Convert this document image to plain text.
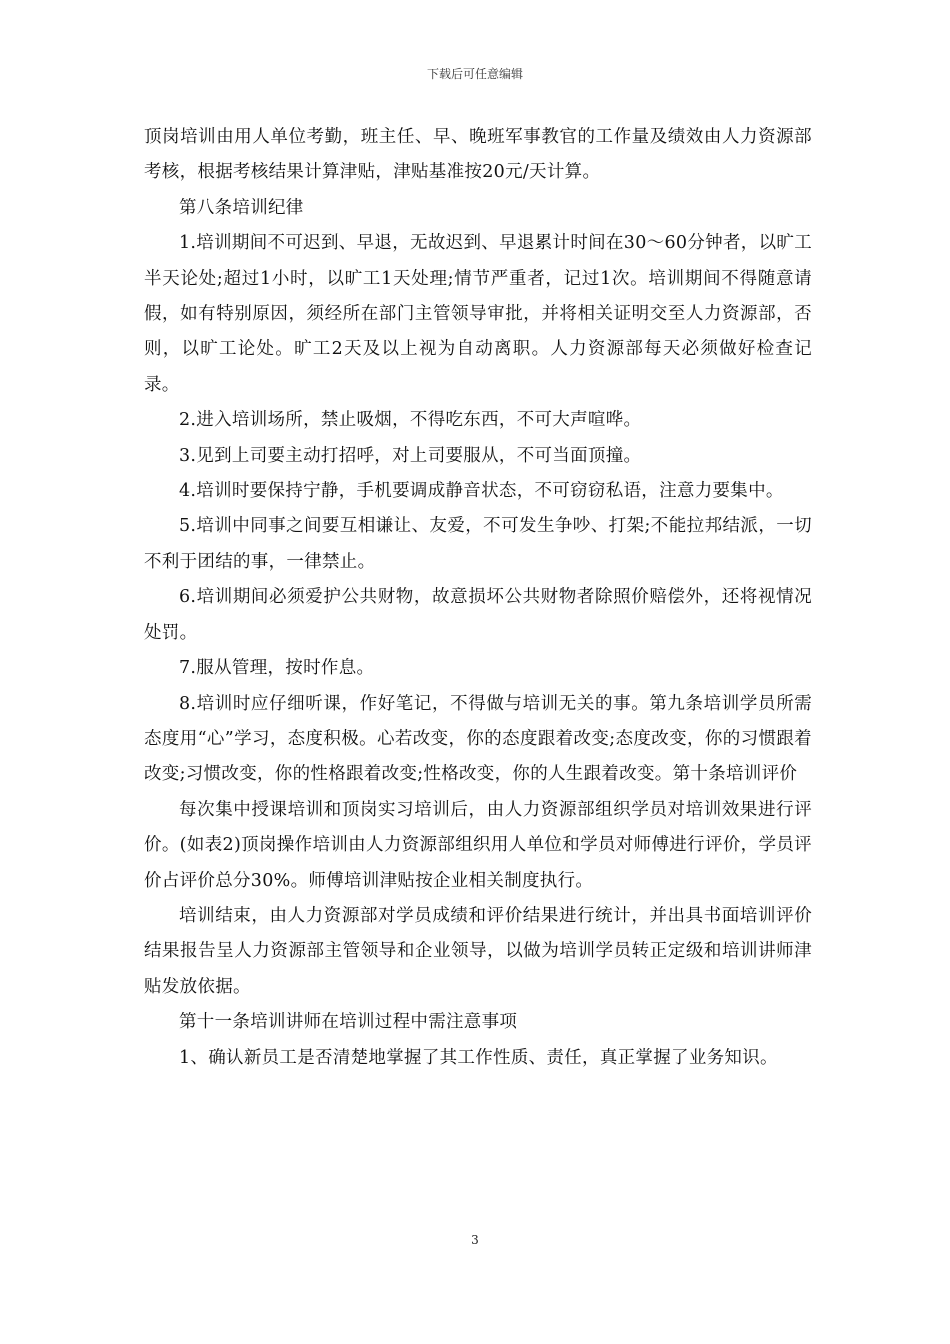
下载后可任意编辑

顶岗培训由用人单位考勤，班主任、早、晚班军事教官的工作量及绩效由人力资源部考核，根据考核结果计算津贴，津贴基准按20元/天计算。

第八条培训纪律

1.培训期间不可迟到、早退，无故迟到、早退累计时间在30～60分钟者，以旷工半天论处;超过1小时，以旷工1天处理;情节严重者，记过1次。培训期间不得随意请假，如有特别原因，须经所在部门主管领导审批，并将相关证明交至人力资源部，否则，以旷工论处。旷工2天及以上视为自动离职。人力资源部每天必须做好检查记录。

2.进入培训场所，禁止吸烟，不得吃东西，不可大声喧哗。

3.见到上司要主动打招呼，对上司要服从，不可当面顶撞。

4.培训时要保持宁静，手机要调成静音状态，不可窃窃私语，注意力要集中。

5.培训中同事之间要互相谦让、友爱，不可发生争吵、打架;不能拉邦结派，一切不利于团结的事，一律禁止。

6.培训期间必须爱护公共财物，故意损坏公共财物者除照价赔偿外，还将视情况处罚。

7.服从管理，按时作息。

8.培训时应仔细听课，作好笔记，不得做与培训无关的事。第九条培训学员所需态度用“心”学习，态度积极。心若改变，你的态度跟着改变;态度改变，你的习惯跟着改变;习惯改变，你的性格跟着改变;性格改变，你的人生跟着改变。第十条培训评价

每次集中授课培训和顶岗实习培训后，由人力资源部组织学员对培训效果进行评价。(如表2)顶岗操作培训由人力资源部组织用人单位和学员对师傅进行评价，学员评价占评价总分30%。师傅培训津贴按企业相关制度执行。

培训结束，由人力资源部对学员成绩和评价结果进行统计，并出具书面培训评价结果报告呈人力资源部主管领导和企业领导，以做为培训学员转正定级和培训讲师津贴发放依据。

第十一条培训讲师在培训过程中需注意事项

1、确认新员工是否清楚地掌握了其工作性质、责任，真正掌握了业务知识。

3
